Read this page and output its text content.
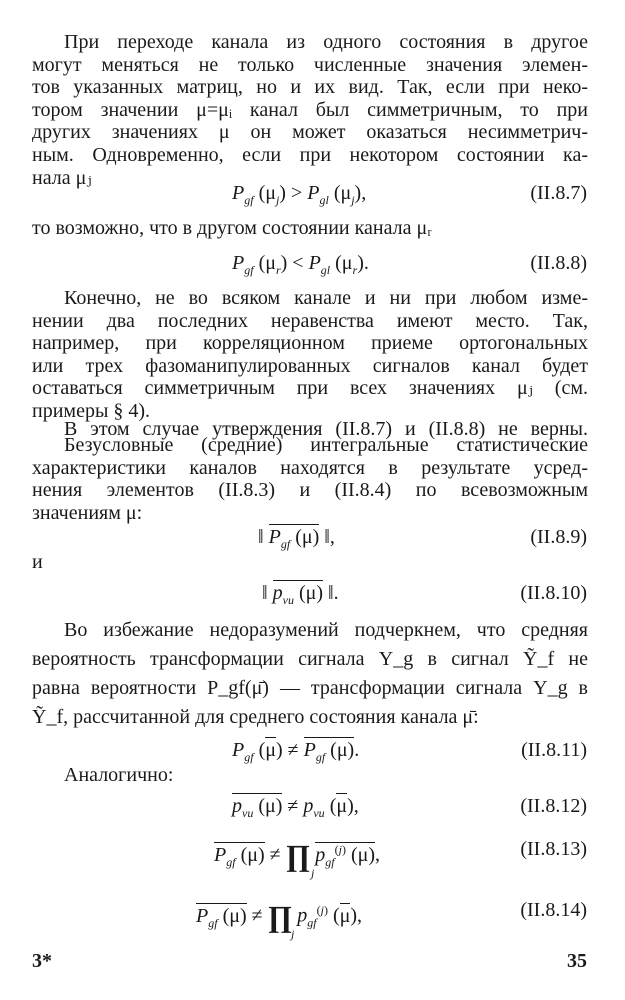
При переходе канала из одного состояния в другое
могут меняться не только численные значения элемен-
тов указанных матриц, но и их вид. Так, если при неко-
тором значении μ=μᵢ канал был симметричным, то при
других значениях μ он может оказаться несимметрич-
ным. Одновременно, если при некотором состоянии ка-
нала μⱼ
$P_{gf}$ $(\mu_j) > P_{gl}$ $(\mu_j)$,	(II.8.7)
то возможно, что в другом состоянии канала μᵣ
$P_{gf}$ $(\mu_r) < P_{gl}$ $(\mu_r)$.	(II.8.8)
Конечно, не во всяком канале и ни при любом изме-
нении два последних неравенства имеют место. Так,
например, при корреляционном приеме ортогональных
или трех фазоманипулированных сигналов канал будет
оставаться симметричным при всех значениях μⱼ (см.
примеры § 4).
В этом случае утверждения (II.8.7) и (II.8.8) не верны.
Безусловные (средние) интегральные статистические
характеристики каналов находятся в результате усред-
нения элементов (II.8.3) и (II.8.4) по всевозможным
значениям μ:
‖ $P_{gf}$ (μ) ‖,	(II.8.9)
и
‖ $p_{vu}$ (μ) ‖.	(II.8.10)
Во избежание недоразумений подчеркнем, что средняя
вероятность трансформации сигнала Y_g в сигнал Ỹ_f не
равна вероятности P_gf(μ̄) — трансформации сигнала Y_g в
Ỹ_f, рассчитанной для среднего состояния канала μ̄:
$P_{gf}$ $(\mu) \ne P_{gf}$ (μ).	(II.8.11)
Аналогично:
$p_{vu}$ $(\mu) \ne p_{vu}$ (μ),	(II.8.12)
$P_{gf}$ (μ) ≠ ∏ $p_{gf}^{(j)}$ (μ),
j
(II.8.13)
$P_{gf}$ (μ) ≠ ∏ $p_{gf}^{(j)}$ (μ),
j
(II.8.14)
3*	35
